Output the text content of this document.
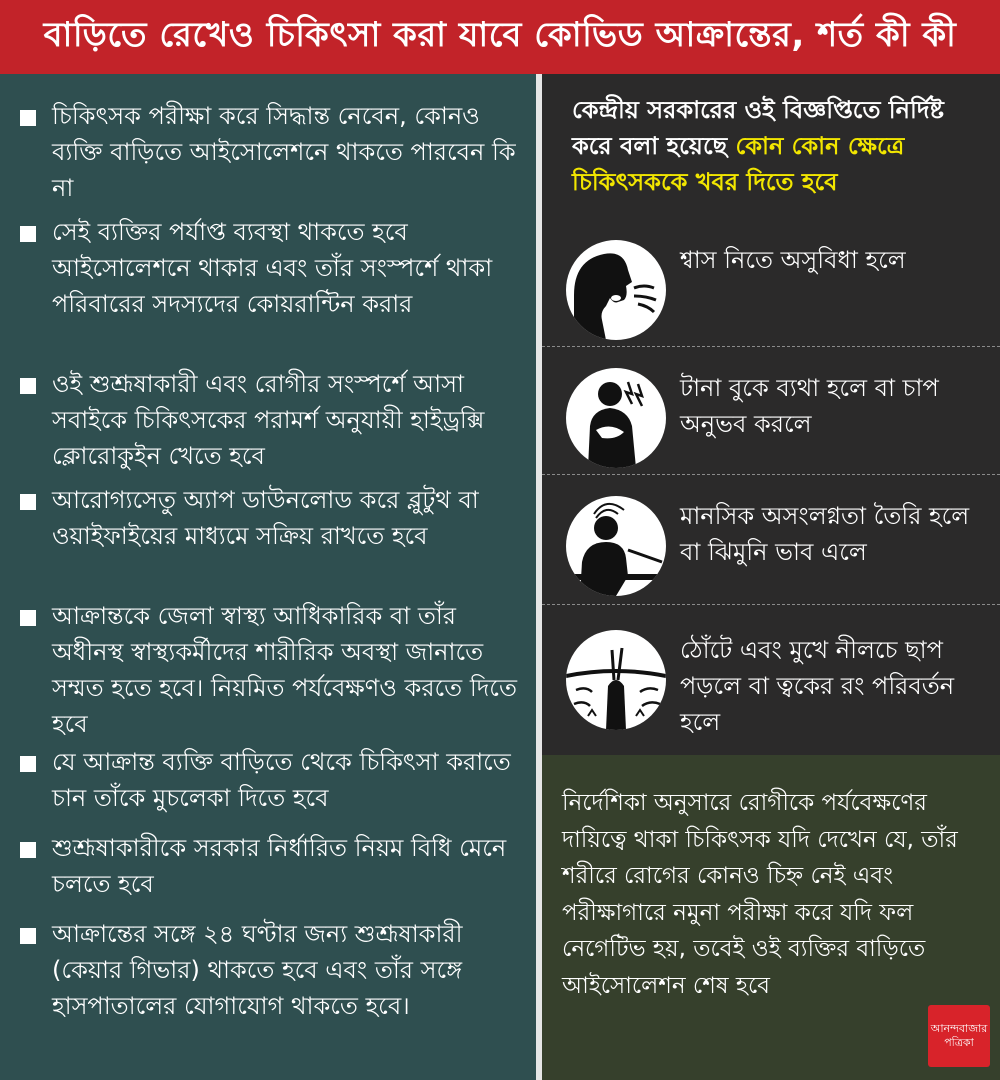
বাড়িতে রেখেও চিকিৎসা করা যাবে কোভিড আক্রান্তের, শর্ত কী কী
চিকিৎসক পরীক্ষা করে সিদ্ধান্ত নেবেন, কোনও ব্যক্তি বাড়িতে আইসোলেশনে থাকতে পারবেন কি না
সেই ব্যক্তির পর্যাপ্ত ব্যবস্থা থাকতে হবে আইসোলেশনে থাকার এবং তাঁর সংস্পর্শে থাকা পরিবারের সদস্যদের কোয়রান্টিন করার
ওই শুশ্রূষাকারী এবং রোগীর সংস্পর্শে আসা সবাইকে চিকিৎসকের পরামর্শ অনুযায়ী হাইড্রক্সি ক্লোরোকুইন খেতে হবে
আরোগ্যসেতু অ্যাপ ডাউনলোড করে ব্লুটুথ বা ওয়াইফাইয়ের মাধ্যমে সক্রিয় রাখতে হবে
আক্রান্তকে জেলা স্বাস্থ্য আধিকারিক বা তাঁর অধীনস্থ স্বাস্থ্যকর্মীদের শারীরিক অবস্থা জানাতে সম্মত হতে হবে। নিয়মিত পর্যবেক্ষণও করতে দিতে হবে
যে আক্রান্ত ব্যক্তি বাড়িতে থেকে চিকিৎসা করাতে চান তাঁকে মুচলেকা দিতে হবে
শুশ্রূষাকারীকে সরকার নির্ধারিত নিয়ম বিধি মেনে চলতে হবে
আক্রান্তের সঙ্গে ২৪ ঘণ্টার জন্য শুশ্রূষাকারী (কেয়ার গিভার) থাকতে হবে এবং তাঁর সঙ্গে হাসপাতালের যোগাযোগ থাকতে হবে।
কেন্দ্রীয় সরকারের ওই বিজ্ঞপ্তিতে নির্দিষ্ট করে বলা হয়েছে কোন কোন ক্ষেত্রে চিকিৎসককে খবর দিতে হবে
শ্বাস নিতে অসুবিধা হলে
টানা বুকে ব্যথা হলে বা চাপ অনুভব করলে
মানসিক অসংলগ্নতা তৈরি হলে বা ঝিমুনি ভাব এলে
ঠোঁটে এবং মুখে নীলচে ছাপ পড়লে বা ত্বকের রং পরিবর্তন হলে
নির্দেশিকা অনুসারে রোগীকে পর্যবেক্ষণের দায়িত্বে থাকা চিকিৎসক যদি দেখেন যে, তাঁর শরীরে রোগের কোনও চিহ্ন নেই এবং পরীক্ষাগারে নমুনা পরীক্ষা করে যদি ফল নেগেটিভ হয়, তবেই ওই ব্যক্তির বাড়িতে আইসোলেশন শেষ হবে
আনন্দবাজার
পত্রিকা
